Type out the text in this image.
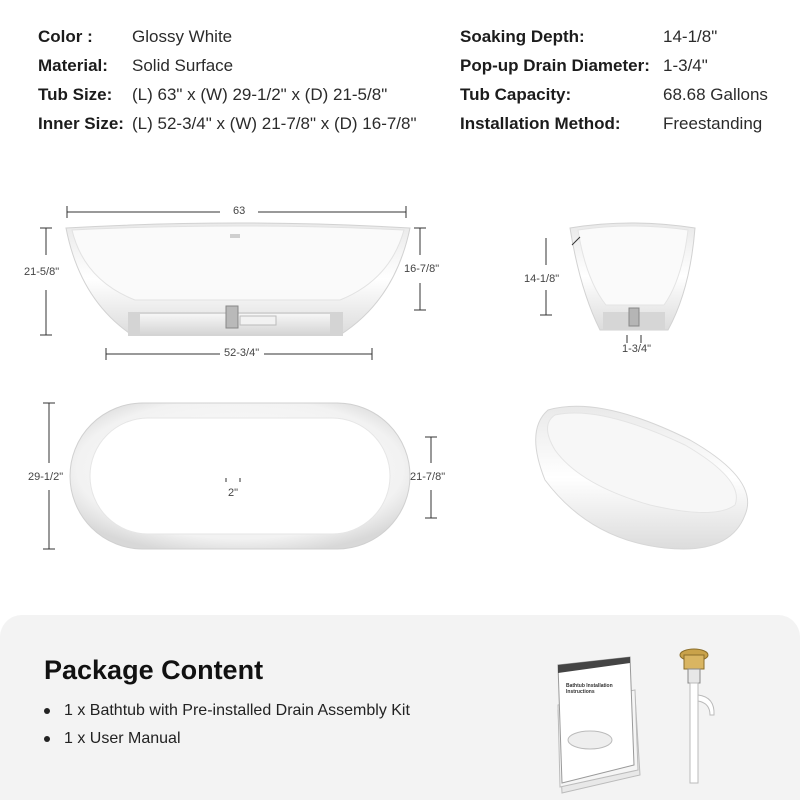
Color :	Glossy White
Material:	Solid Surface
Tub Size:	(L) 63" x (W) 29-1/2" x (D) 21-5/8"
Inner Size: (L) 52-3/4" x (W) 21-7/8" x (D) 16-7/8"
Soaking Depth:	14-1/8"
Pop-up Drain Diameter: 1-3/4"
Tub Capacity:	68.68 Gallons
Installation Method:	Freestanding
63
21-5/8"	16-7/8"
52-3/4"
14-1/8"
1-3/4"
29-1/2"	21-7/8"
2"
Package Content
1 x Bathtub with Pre-installed Drain Assembly Kit
1 x User Manual
Bathtub Installation Instructions
